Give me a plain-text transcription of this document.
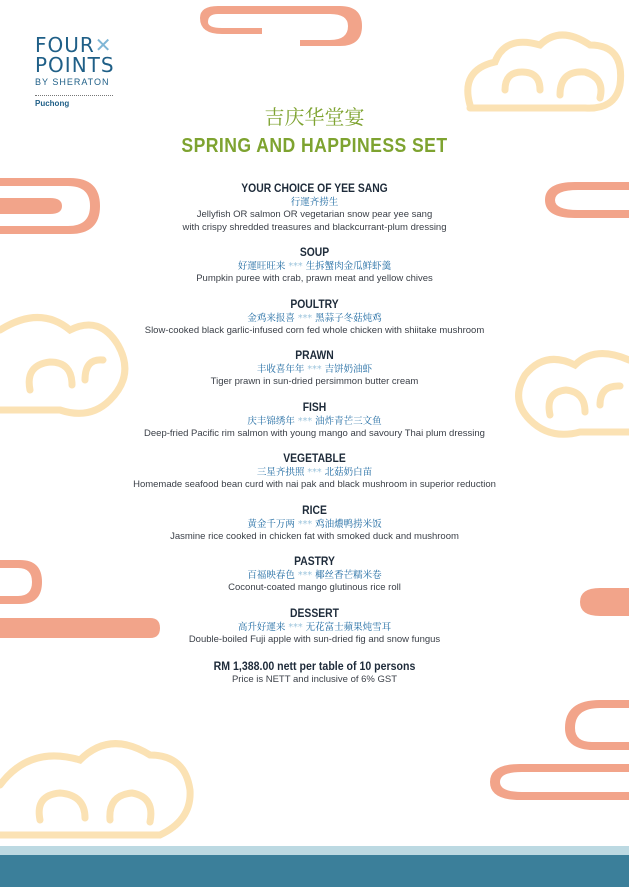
FOUR✕
POINTS
BY SHERATON
Puchong
吉庆华堂宴
SPRING AND HAPPINESS SET
YOUR CHOICE OF YEE SANG
行運齐捞生
Jellyfish OR salmon OR vegetarian snow pear yee sang
with crispy shredded treasures and blackcurrant-plum dressing
SOUP
好運旺旺来 *** 生拆蟹肉金瓜鲜虾羹
Pumpkin puree with crab, prawn meat and yellow chives
POULTRY
金鸡来报喜 *** 黑蒜子冬菇炖鸡
Slow-cooked black garlic-infused corn fed whole chicken with shiitake mushroom
PRAWN
丰收喜年年 *** 吉饼奶油虾
Tiger prawn in sun-dried persimmon butter cream
FISH
庆丰锦绣年 *** 油炸青芒三文鱼
Deep-fried Pacific rim salmon with young mango and savoury Thai plum dressing
VEGETABLE
三星齐拱照 *** 北菇奶白苗
Homemade seafood bean curd with nai pak and black mushroom in superior reduction
RICE
黄金千万两 *** 鸡油燶鸭捞米饭
Jasmine rice cooked in chicken fat with smoked duck and mushroom
PASTRY
百福映春色 *** 椰丝香芒糯米卷
Coconut-coated mango glutinous rice roll
DESSERT
高升好運来 *** 无花富士蘋果炖雪耳
Double-boiled Fuji apple with sun-dried fig and snow fungus
RM 1,388.00 nett per table of 10 persons
Price is NETT and inclusive of 6% GST
